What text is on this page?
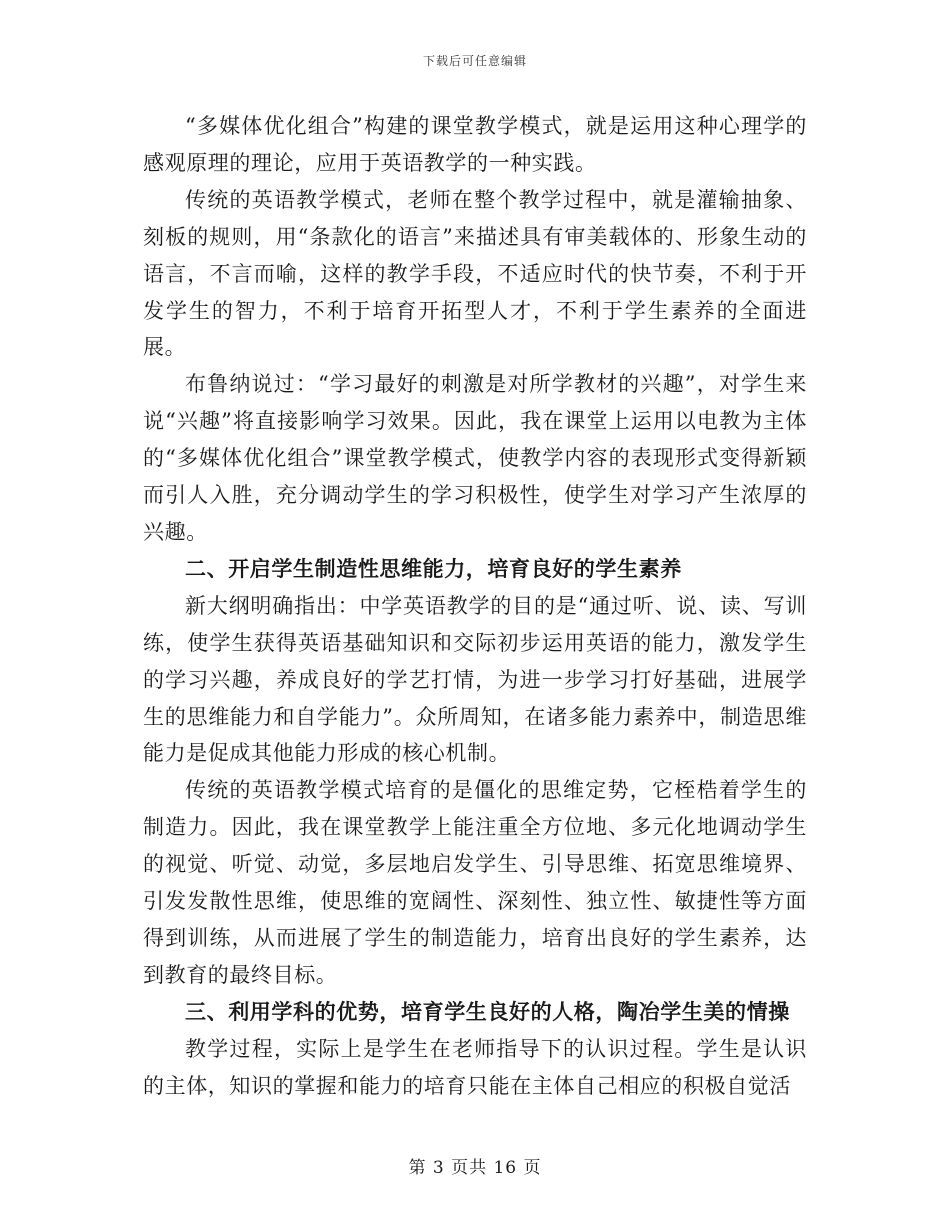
下载后可任意编辑

“多媒体优化组合”构建的课堂教学模式，就是运用这种心理学的感观原理的理论，应用于英语教学的一种实践。

传统的英语教学模式，老师在整个教学过程中，就是灌输抽象、刻板的规则，用“条款化的语言”来描述具有审美载体的、形象生动的语言，不言而喻，这样的教学手段，不适应时代的快节奏，不利于开发学生的智力，不利于培育开拓型人才，不利于学生素养的全面进展。

布鲁纳说过：“学习最好的刺激是对所学教材的兴趣”，对学生来说“兴趣”将直接影响学习效果。因此，我在课堂上运用以电教为主体的“多媒体优化组合”课堂教学模式，使教学内容的表现形式变得新颖而引人入胜，充分调动学生的学习积极性，使学生对学习产生浓厚的兴趣。

二、开启学生制造性思维能力，培育良好的学生素养

新大纲明确指出：中学英语教学的目的是“通过听、说、读、写训练，使学生获得英语基础知识和交际初步运用英语的能力，激发学生的学习兴趣，养成良好的学艺打情，为进一步学习打好基础，进展学生的思维能力和自学能力”。众所周知，在诸多能力素养中，制造思维能力是促成其他能力形成的核心机制。

传统的英语教学模式培育的是僵化的思维定势，它桎梏着学生的制造力。因此，我在课堂教学上能注重全方位地、多元化地调动学生的视觉、听觉、动觉，多层地启发学生、引导思维、拓宽思维境界、引发发散性思维，使思维的宽阔性、深刻性、独立性、敏捷性等方面得到训练，从而进展了学生的制造能力，培育出良好的学生素养，达到教育的最终目标。

三、利用学科的优势，培育学生良好的人格，陶冶学生美的情操

教学过程，实际上是学生在老师指导下的认识过程。学生是认识的主体，知识的掌握和能力的培育只能在主体自己相应的积极自觉活

第 3 页共 16 页
